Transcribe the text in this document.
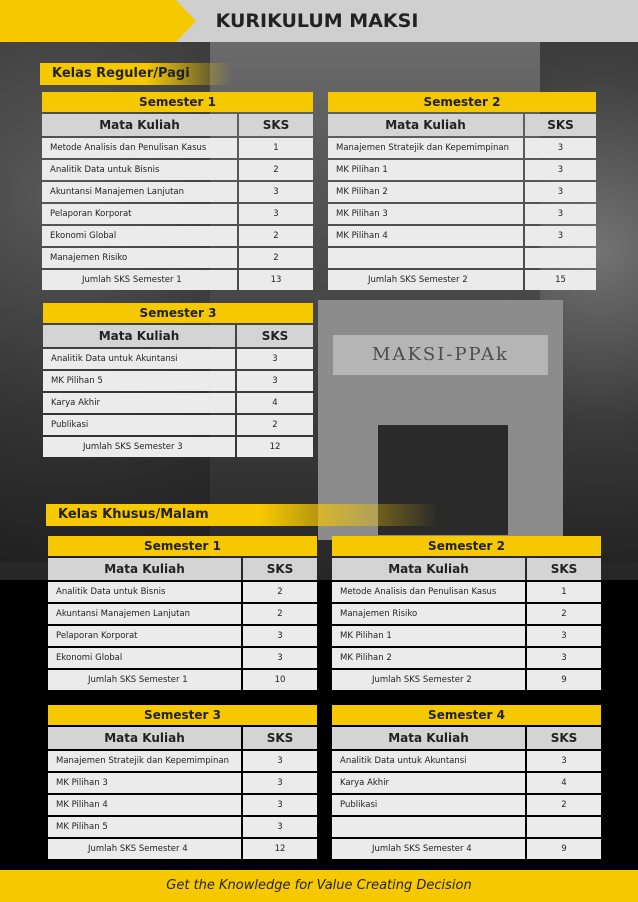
MAKSI-PPAk
KURIKULUM MAKSI
Kelas Reguler/Pagi
Kelas Khusus/Malam
Semester 1
Mata Kuliah	SKS
Metode Analisis dan Penulisan Kasus	1
Analitik Data untuk Bisnis	2
Akuntansi Manajemen Lanjutan	3
Pelaporan Korporat	3
Ekonomi Global	2
Manajemen Risiko	2
Jumlah SKS Semester 1	13
Semester 2
Mata Kuliah	SKS
Manajemen Stratejik dan Kepemimpinan	3
MK Pilihan 1	3
MK Pilihan 2	3
MK Pilihan 3	3
MK Pilihan 4	3
Jumlah SKS Semester 2	15
Semester 3
Mata Kuliah	SKS
Analitik Data untuk Akuntansi	3
MK Pilihan 5	3
Karya Akhir	4
Publikasi	2
Jumlah SKS Semester 3	12
Semester 1
Mata Kuliah	SKS
Analitik Data untuk Bisnis	2
Akuntansi Manajemen Lanjutan	2
Pelaporan Korporat	3
Ekonomi Global	3
Jumlah SKS Semester 1	10
Semester 2
Mata Kuliah	SKS
Metode Analisis dan Penulisan Kasus	1
Manajemen Risiko	2
MK Pilihan 1	3
MK Pilihan 2	3
Jumlah SKS Semester 2	9
Semester 3
Mata Kuliah	SKS
Manajemen Stratejik dan Kepemimpinan	3
MK Pilihan 3	3
MK Pilihan 4	3
MK Pilihan 5	3
Jumlah SKS Semester 4	12
Semester 4
Mata Kuliah	SKS
Analitik Data untuk Akuntansi	3
Karya Akhir	4
Publikasi	2
Jumlah SKS Semester 4	9
Get the Knowledge for Value Creating Decision
